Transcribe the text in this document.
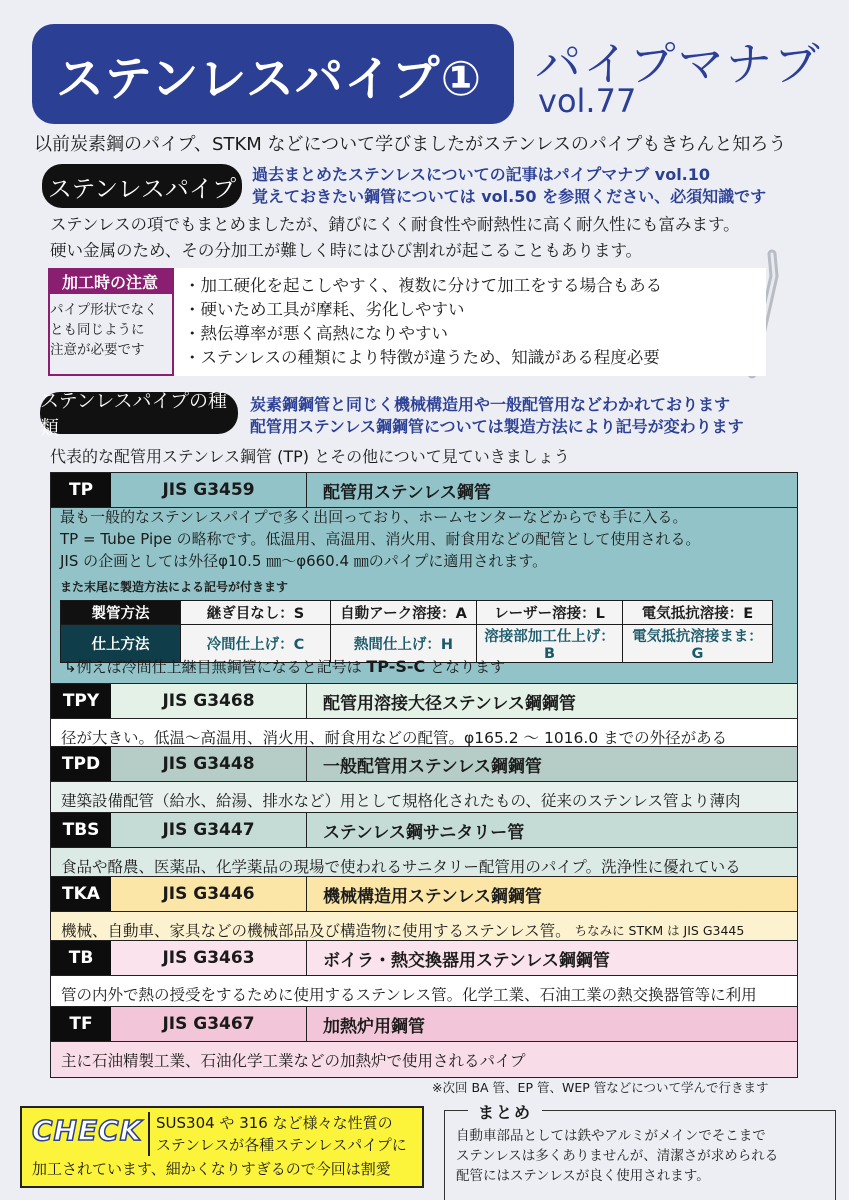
ステンレスパイプ①	パイプマナブ
vol.77
以前炭素鋼のパイプ、STKM などについて学びましたがステンレスのパイプもきちんと知ろう
ステンレスパイプ 過去まとめたステンレスについての記事はパイプマナブ vol.10
覚えておきたい鋼管については vol.50 を参照ください、必須知識です
ステンレスの項でもまとめましたが、錆びにくく耐食性や耐熱性に高く耐久性にも富みます。
硬い金属のため、その分加工が難しく時にはひび割れが起こることもあります。
・加工硬化を起こしやすく、複数に分けて加工をする場合もある
・硬いため工具が摩耗、劣化しやすい
・熱伝導率が悪く高熱になりやすい
・ステンレスの種類により特徴が違うため、知識がある程度必要
加工時の注意
パイプ形状でなく
とも同じように
注意が必要です
ステンレスパイプの種類
炭素鋼鋼管と同じく機械構造用や一般配管用などわかれております
配管用ステンレス鋼鋼管については製造方法により記号が変わります
代表的な配管用ステンレス鋼管 (TP) とその他について見ていきましょう
TP	JIS G3459	配管用ステンレス鋼管
最も一般的なステンレスパイプで多く出回っており、ホームセンターなどからでも手に入る。
TP = Tube Pipe の略称です。低温用、高温用、消火用、耐食用などの配管として使用される。
JIS の企画としては外径φ10.5 ㎜〜φ660.4 ㎜のパイプに適用されます。
また末尾に製造方法による記号が付きます
製管方法	継ぎ目なし：S	自動アーク溶接：A	レーザー溶接：L	電気抵抗溶接：E
仕上方法	冷間仕上げ：C	熱間仕上げ：H	溶接部加工仕上げ：B	電気抵抗溶接まま：G
↳例えば冷間仕上継目無鋼管になると記号は TP-S-C となります
TPY	JIS G3468	配管用溶接大径ステンレス鋼鋼管
径が大きい。低温〜高温用、消火用、耐食用などの配管。φ165.2 〜 1016.0 までの外径がある
TPD	JIS G3448	一般配管用ステンレス鋼鋼管
建築設備配管（給水、給湯、排水など）用として規格化されたもの、従来のステンレス管より薄肉
TBS	JIS G3447	ステンレス鋼サニタリー管
食品や酪農、医薬品、化学薬品の現場で使われるサニタリー配管用のパイプ。洗浄性に優れている
TKA	JIS G3446	機械構造用ステンレス鋼鋼管
機械、自動車、家具などの機械部品及び構造物に使用するステンレス管。 ちなみに STKM は JIS G3445
TB	JIS G3463	ボイラ・熱交換器用ステンレス鋼鋼管
管の内外で熱の授受をするために使用するステンレス管。化学工業、石油工業の熱交換器管等に利用
TF	JIS G3467	加熱炉用鋼管
主に石油精製工業、石油化学工業などの加熱炉で使用されるパイプ
※次回 BA 管、EP 管、WEP 管などについて学んで行きます
CHECK SUS304 や 316 など様々な性質の
ステンレスが各種ステンレスパイプに
加工されています、細かくなりすぎるので今回は割愛
まとめ
自動車部品としては鉄やアルミがメインでそこまで
ステンレスは多くありませんが、清潔さが求められる
配管にはステンレスが良く使用されます。
